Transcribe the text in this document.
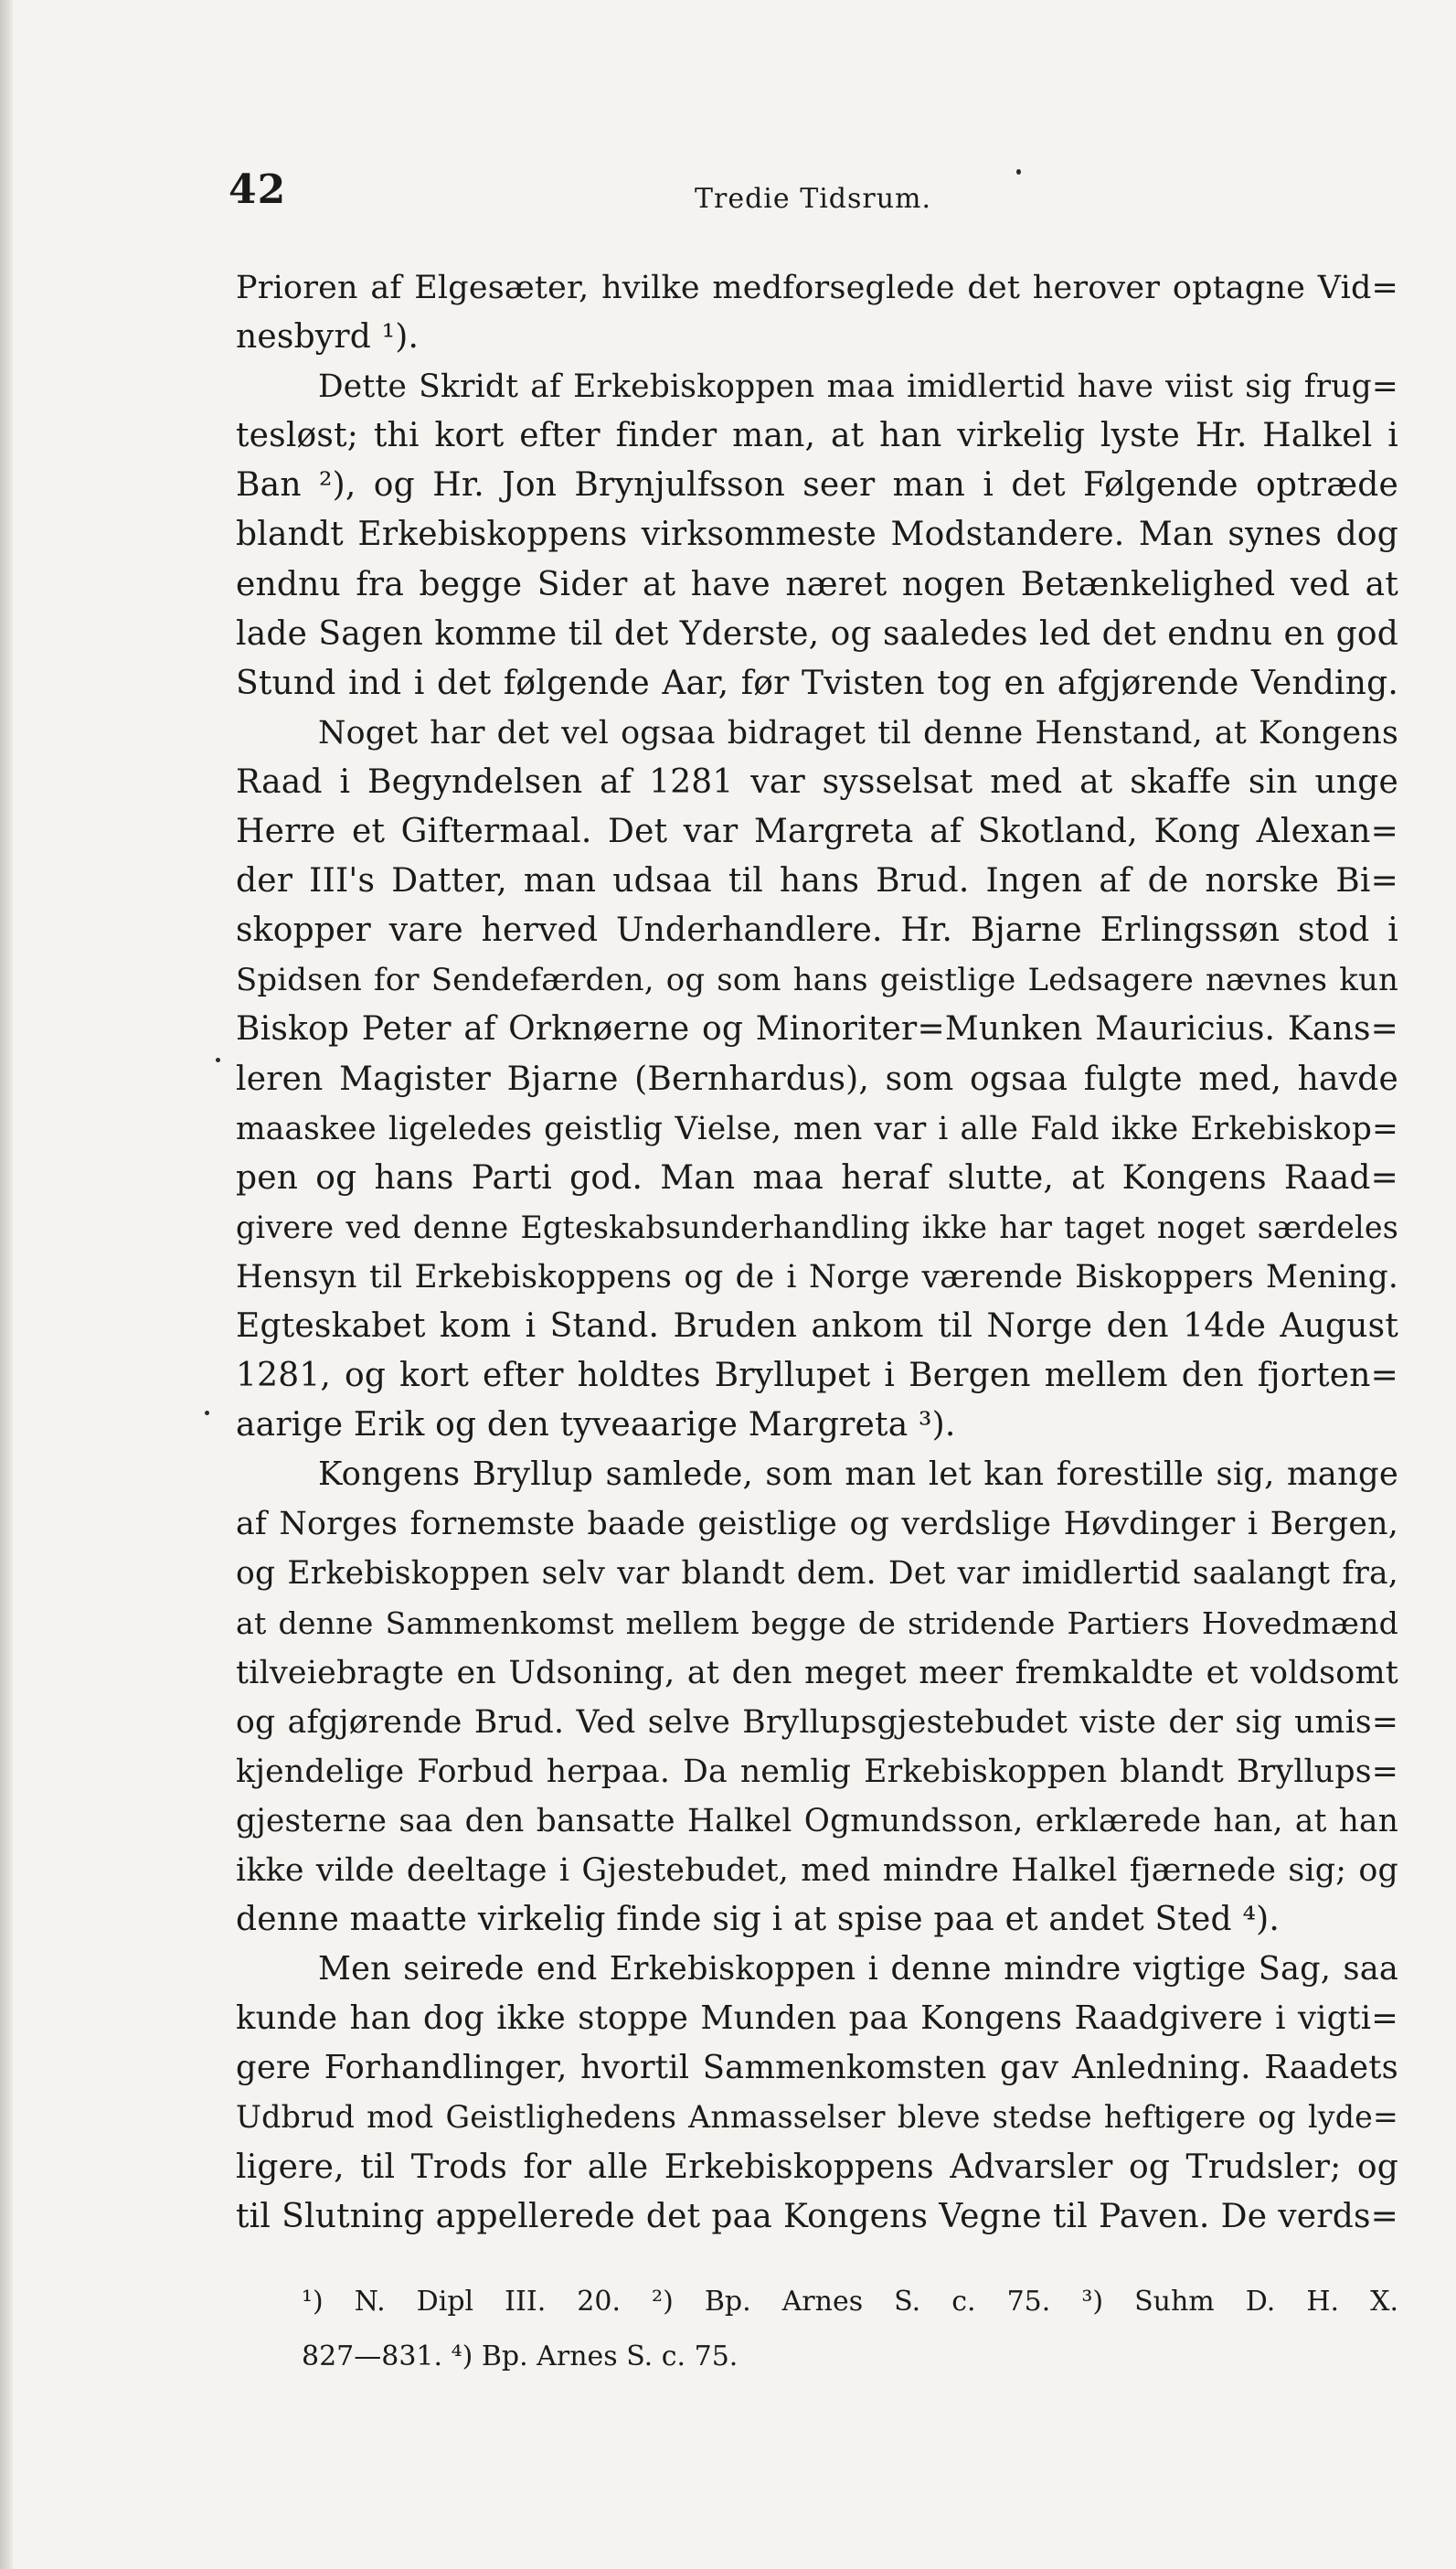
42	Tredie Tidsrum.
Prioren af Elgesæter, hvilke medforseglede det herover optagne Vid=
nesbyrd ¹).
Dette Skridt af Erkebiskoppen maa imidlertid have viist sig frug=
tesløst; thi kort efter finder man, at han virkelig lyste Hr. Halkel i
Ban ²), og Hr. Jon Brynjulfsson seer man i det Følgende optræde
blandt Erkebiskoppens virksommeste Modstandere. Man synes dog
endnu fra begge Sider at have næret nogen Betænkelighed ved at
lade Sagen komme til det Yderste, og saaledes led det endnu en god
Stund ind i det følgende Aar, før Tvisten tog en afgjørende Vending.
Noget har det vel ogsaa bidraget til denne Henstand, at Kongens
Raad i Begyndelsen af 1281 var sysselsat med at skaffe sin unge
Herre et Giftermaal. Det var Margreta af Skotland, Kong Alexan=
der III's Datter, man udsaa til hans Brud. Ingen af de norske Bi=
skopper vare herved Underhandlere. Hr. Bjarne Erlingssøn stod i
Spidsen for Sendefærden, og som hans geistlige Ledsagere nævnes kun
Biskop Peter af Orknøerne og Minoriter=Munken Mauricius. Kans=
leren Magister Bjarne (Bernhardus), som ogsaa fulgte med, havde
maaskee ligeledes geistlig Vielse, men var i alle Fald ikke Erkebiskop=
pen og hans Parti god. Man maa heraf slutte, at Kongens Raad=
givere ved denne Egteskabsunderhandling ikke har taget noget særdeles
Hensyn til Erkebiskoppens og de i Norge værende Biskoppers Mening.
Egteskabet kom i Stand. Bruden ankom til Norge den 14de August
1281, og kort efter holdtes Bryllupet i Bergen mellem den fjorten=
aarige Erik og den tyveaarige Margreta ³).
Kongens Bryllup samlede, som man let kan forestille sig, mange
af Norges fornemste baade geistlige og verdslige Høvdinger i Bergen,
og Erkebiskoppen selv var blandt dem. Det var imidlertid saalangt fra,
at denne Sammenkomst mellem begge de stridende Partiers Hovedmænd
tilveiebragte en Udsoning, at den meget meer fremkaldte et voldsomt
og afgjørende Brud. Ved selve Bryllupsgjestebudet viste der sig umis=
kjendelige Forbud herpaa. Da nemlig Erkebiskoppen blandt Bryllups=
gjesterne saa den bansatte Halkel Ogmundsson, erklærede han, at han
ikke vilde deeltage i Gjestebudet, med mindre Halkel fjærnede sig; og
denne maatte virkelig finde sig i at spise paa et andet Sted ⁴).
Men seirede end Erkebiskoppen i denne mindre vigtige Sag, saa
kunde han dog ikke stoppe Munden paa Kongens Raadgivere i vigti=
gere Forhandlinger, hvortil Sammenkomsten gav Anledning. Raadets
Udbrud mod Geistlighedens Anmasselser bleve stedse heftigere og lyde=
ligere, til Trods for alle Erkebiskoppens Advarsler og Trudsler; og
til Slutning appellerede det paa Kongens Vegne til Paven. De verds=
¹) N. Dipl III. 20. ²) Bp. Arnes S. c. 75. ³) Suhm D. H. X.
827—831. ⁴) Bp. Arnes S. c. 75.
